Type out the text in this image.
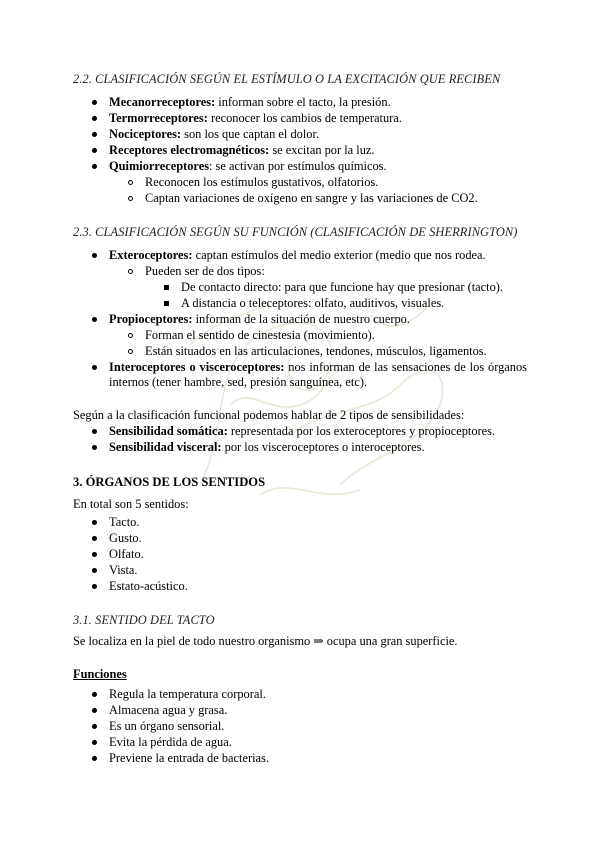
2.2. CLASIFICACIÓN SEGÚN EL ESTÍMULO O LA EXCITACIÓN QUE RECIBEN
Mecanorreceptores: informan sobre el tacto, la presión.
Termorreceptores: reconocer los cambios de temperatura.
Nociceptores: son los que captan el dolor.
Receptores electromagnéticos: se excitan por la luz.
Quimiorreceptores: se activan por estímulos químicos.
Reconocen los estímulos gustativos, olfatorios.
Captan variaciones de oxígeno en sangre y las variaciones de CO2.
2.3. CLASIFICACIÓN SEGÚN SU FUNCIÓN (CLASIFICACIÓN DE SHERRINGTON)
Exteroceptores: captan estímulos del medio exterior (medio que nos rodea.
Pueden ser de dos tipos:
De contacto directo: para que funcione hay que presionar (tacto).
A distancia o teleceptores: olfato, auditivos, visuales.
Propioceptores: informan de la situación de nuestro cuerpo.
Forman el sentido de cinestesia (movimiento).
Están situados en las articulaciones, tendones, músculos, ligamentos.
Interoceptores o visceroceptores: nos informan de las sensaciones de los órganos internos (tener hambre, sed, presión sanguínea, etc).
Según a la clasificación funcional podemos hablar de 2 tipos de sensibilidades:
Sensibilidad somática: representada por los exteroceptores y propioceptores.
Sensibilidad visceral: por los visceroceptores o interoceptores.
3. ÓRGANOS DE LOS SENTIDOS
En total son 5 sentidos:
Tacto.
Gusto.
Olfato.
Vista.
Estato-acústico.
3.1. SENTIDO DEL TACTO
Se localiza en la piel de todo nuestro organismo ⇒ ocupa una gran superficie.
Funciones
Regula la temperatura corporal.
Almacena agua y grasa.
Es un órgano sensorial.
Evita la pérdida de agua.
Previene la entrada de bacterias.
